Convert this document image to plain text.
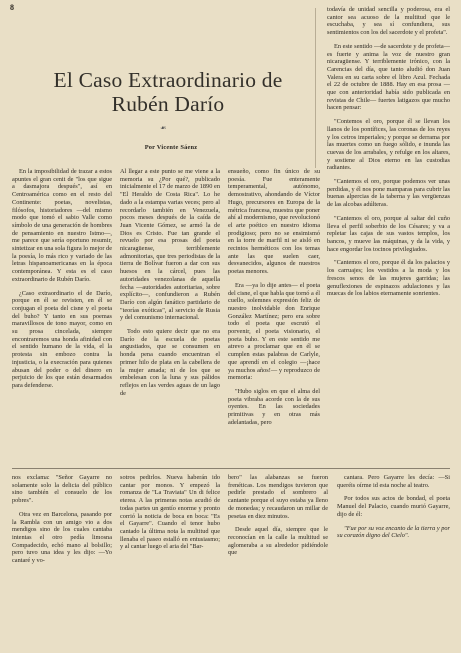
8
El Caso Extraordinario de
Rubén Darío
☙
Por Vicente Sáenz

todavía de unidad sencilla y poderosa, era el cantor sea acuoso de la multitud que le escuchaba, y sea sí confundiera, sus sentimientos con los del sacerdote y el profeta".

En este sentido —de sacerdote y de profeta— es fuerte y anima la voz de nuestro gran nicaragüense. Y terriblemente irónico, con la Carencias del día, que tanto aludió don Juan Valera en su carta sobre el libro Azul. Fechada el 22 de octubre de 1888. Hay en esa prosa —que con anterioridad había sido publicada en revistas de Chile— fuertes latigazos que mucho hacen pensar:

"Contemos el oro, porque él se llevan los llanos de los pontífices, las coronas de los reyes y los cetros imperiales; y porque se derrama por las muertes como un fuego sólido, e inunda las cuevas de los arrabales, y refulge en los altares, y sostiene al Dios eterno en las custodias radiantes.

"Cantemos el oro, porque podemos ver unas perdidas, y él nos pone mamparas para cubrir las buenas alpercias de la taberna y las vergüenzas de las alcobas adúlteras.

"Cantemos el oro, porque al saltar del cuño lleva el perfil soberbio de los Césares; y va a repletar las cajas de sus vastos templos, los bancos, y mueve las máquinas, y da la vida, y hace engordar los tocinos privilegiados.

"Cantemos el oro, porque él da los palacios y los carruajes; los vestidos a la moda y los frescos senos de las mujeres garridas; las genuflexiones de espinazos adulaciones y las muecas de los labios eternamente sonrientes.

En la imposibilidad de trazar a estos apuntes el gran cenit de "los que sigue a dasmajora después", así en Centroamérica como en el resto del Continente: poetas, novelistas, filósofos, historiadores —del mismo modo que tomó el sabio Valle como símbolo de una generación de hombres de pensamiento en nuestro Istmo—, me parece que sería oportuno resumir, sintetizar en una sola figura lo mejor de la poesía, lo más rico y variado de las letras hispanoamericanas en la época contemporánea. Y esta es el caso extraordinario de Rubén Darío.

¿Caso extraordinario el de Darío, porque en él se revisten, en él se conjugan el poeta del cisne y el poeta del buho? Y tanto en sus poemas maravillosos de tono mayor, como en su prosa cincelada, siempre encontraremos una honda afinidad con el sentido humano de la vida, el la protesta sin embozo contra la injusticia, o la execración para quienes abusan del poder o del dinero en perjuicio de los que están desarmados para defenderse.

Al llegar a este punto se me viene a la memoria su ¿Por qué?, publicado inicialmente el 17 de marzo de 1890 en "El Heraldo de Costa Rica". Lo he dado a la estampa varias veces; pero al recordarlo también en Venezuela, pocos meses después de la caída de Juan Vicente Gómez, se armó la de Dios es Cristo. Fue tan grande el revuelo por esa prosas del poeta nicaragüense, terriblemente admonitorias, que tres periodistas de la tierra de Bolívar fueron a dar con sus huesos en la cárcel, pues las autoridades venezolanas de aquella fecha —autoridades autoritarias, sobre explícito—, confundieron a Rubén Darío con algún fanático partidario de "teorías exóticas", al servicio de Rusia y del comunismo internacional.

Todo esto quiere decir que no era Darío de la escuela de poetas angustiados, que se consumen en honda pena cuando encuentran el primer hilo de plata en la cabellera de la mujer amada; ni de los que se embelesan con la luna y sus pálidos reflejos en las verdes aguas de un lago de

ensueño, como fin único de su poesía. Fue enteramente temperamental, autónomo, demostrativo, ahondando de Víctor Hugo, precursores en Europa de la métrica francesa, muestra que poner ahí al modernismo, que revolucionó el arte poético en nuestro idioma prodigioso; pero no se ensimismó en la torre de marfil ni se aisló en recintos herméticos con los temas ante las que suelen caer, desvanecidos, algunos de nuestros poetas menores.

Era —ya lo dije antes— el poeta del cisne, el que habla que tornó a él cuello, solemnes expresión feliz de nuestro inolvidable don Enrique González Martínez; pero era sobre todo el poeta que escrutó el porvenir, el poeta visionario, el poeta buho. Y en este sentido me atrevo a proclamar que en él se cumplen estas palabras de Carlyle, que aprendí en el colegio —¡hace ya muchos años!— y reproduzco de memoria:

"Hubo siglos en que el alma del poeta vibraba acorde con la de sus oyentes. En las sociedades primitivas y en otras más adelantadas, pero

nos exclama: "Señor Gayarre no solamente solo la delicia del público sino también el consuelo de los pobres".

Otra vez en Barcelona, pasando por la Rambla con un amigo vio a dos mendigos sino de los cuales cantaba intentas el otro pedía limosna Compadecido, echó mano al bolsillo; pero tuvo una idea y les dijo: —Yo cantaré y vo-

sotros pedirlos. Nueva haberán ido cantar por monos. Y empezó la romanza de "La Traviata" Un di felice eterea. A las primeras notas acudió de todas partes un gentío enorme y pronto corrió la noticia de boca en boca: "Es el Gayarre". Cuando el tenor hubo cantado la última nota la multitud que llenaba el paseo estalló en entusiasmo; y al cantar luego el aria del "Bar-

bero" las alabanzas se fueron frenéticas. Los mendigos tuvieron que pedirle prestado el sombrero al cantante porque el suyo estaba ya lleno de monedas; y recaudaron un millar de pesetas en diez minutos.

Desde aquel día, siempre que le reconocían en la calle la multitud se aglomeraba a su alrededor pidiéndole que

cantara. Pero Gayarre les decía: —Si queréis oírme id esta noche al teatro.

Por todos sus actos de bondad, el poeta Manuel del Palacio, cuando murió Gayarre, dijo de él:

"Fue por su voz encanto de la tierra y por su corazón digno del Cielo".
